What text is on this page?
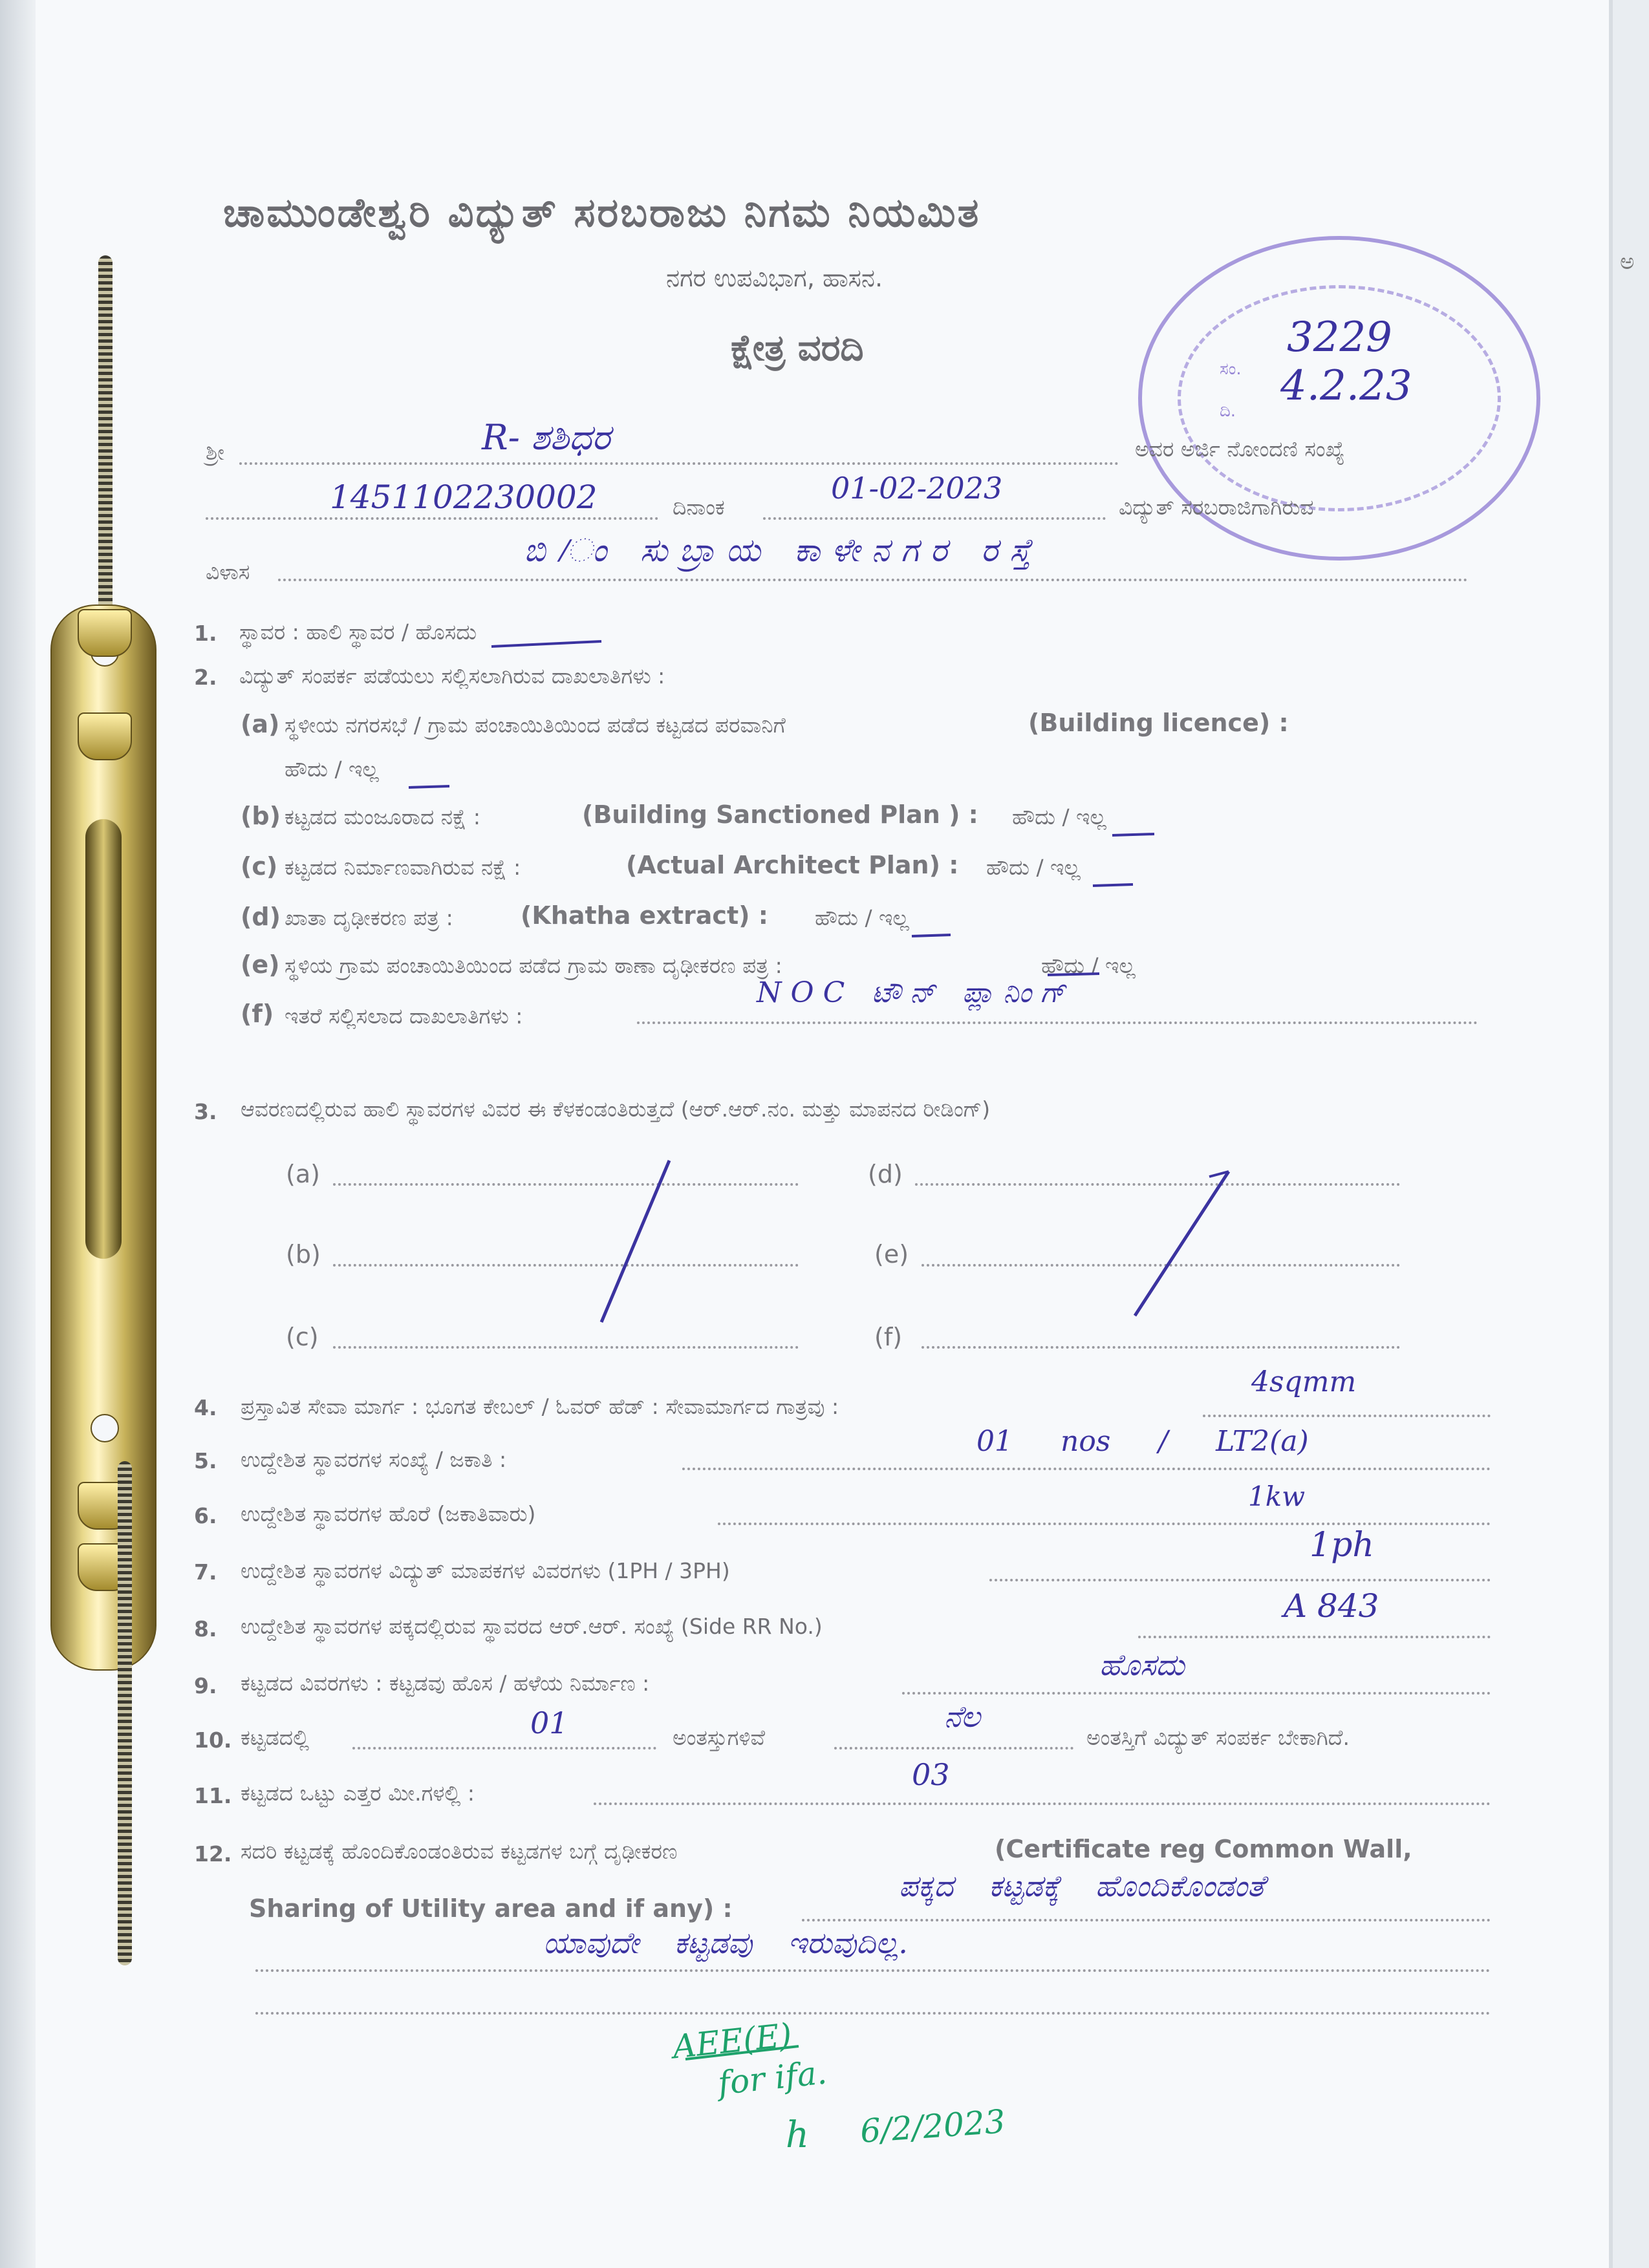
ಅ
ಚಾಮುಂಡೇಶ್ವರಿ ವಿದ್ಯುತ್ ಸರಬರಾಜು ನಿಗಮ ನಿಯಮಿತ
ನಗರ ಉಪವಿಭಾಗ, ಹಾಸನ.
ಕ್ಷೇತ್ರ ವರದಿ	ಸಂ.
ದಿ.
3229
4.2.23
ಶ್ರೀ	R- ಶಶಿಧರ	ಅವರ ಅರ್ಜಿ ನೋಂದಣಿ ಸಂಖ್ಯೆ
1451102230002	ದಿನಾಂಕ
01-02-2023
ವಿದ್ಯುತ್ ಸರಬರಾಜಿಗಾಗಿರುವ
ವಿಳಾಸ
ಬಿ/ಂ ಸುಬ್ರಾಯ ಕಾಳೇನಗರ ರಸ್ತೆ
1. ಸ್ಥಾವರ : ಹಾಲಿ ಸ್ಥಾವರ / ಹೊಸದು
2. ವಿದ್ಯುತ್ ಸಂಪರ್ಕ ಪಡೆಯಲು ಸಲ್ಲಿಸಲಾಗಿರುವ ದಾಖಲಾತಿಗಳು :
(a) ಸ್ಥಳೀಯ ನಗರಸಭೆ / ಗ್ರಾಮ ಪಂಚಾಯಿತಿಯಿಂದ ಪಡೆದ ಕಟ್ಟಡದ ಪರವಾನಿಗೆ	(Building licence) :
ಹೌದು / ಇಲ್ಲ
(b) ಕಟ್ಟಡದ ಮಂಜೂರಾದ ನಕ್ಷೆ :	(Building Sanctioned Plan ) : ಹೌದು / ಇಲ್ಲ
(c) ಕಟ್ಟಡದ ನಿರ್ಮಾಣವಾಗಿರುವ ನಕ್ಷೆ :	(Actual Architect Plan) : ಹೌದು / ಇಲ್ಲ
(d) ಖಾತಾ ದೃಢೀಕರಣ ಪತ್ರ :	(Khatha extract) : ಹೌದು / ಇಲ್ಲ
(e) ಸ್ಥಳಿಯ ಗ್ರಾಮ ಪಂಚಾಯಿತಿಯಿಂದ ಪಡೆದ ಗ್ರಾಮ ಠಾಣಾ ದೃಢೀಕರಣ ಪತ್ರ :	ಹೌದು / ಇಲ್ಲ
(f) ಇತರೆ ಸಲ್ಲಿಸಲಾದ ದಾಖಲಾತಿಗಳು :
NOC ಟೌನ್ ಪ್ಲಾನಿಂಗ್
3. ಆವರಣದಲ್ಲಿರುವ ಹಾಲಿ ಸ್ಥಾವರಗಳ ವಿವರ ಈ ಕೆಳಕಂಡಂತಿರುತ್ತದೆ (ಆರ್.ಆರ್.ನಂ. ಮತ್ತು ಮಾಪನದ ರೀಡಿಂಗ್)
(a)	(d)
(b)	(e)
(c)	(f)
4. ಪ್ರಸ್ತಾವಿತ ಸೇವಾ ಮಾರ್ಗ : ಭೂಗತ ಕೇಬಲ್ / ಓವರ್ ಹೆಡ್ : ಸೇವಾಮಾರ್ಗದ ಗಾತ್ರವು :
4sqmm
5. ಉದ್ದೇಶಿತ ಸ್ಥಾವರಗಳ ಸಂಖ್ಯೆ / ಜಕಾತಿ :
01 nos / LT2(a)
6. ಉದ್ದೇಶಿತ ಸ್ಥಾವರಗಳ ಹೊರೆ (ಜಕಾತಿವಾರು)
1kw
7. ಉದ್ದೇಶಿತ ಸ್ಥಾವರಗಳ ವಿದ್ಯುತ್ ಮಾಪಕಗಳ ವಿವರಗಳು (1PH / 3PH)
1ph
8. ಉದ್ದೇಶಿತ ಸ್ಥಾವರಗಳ ಪಕ್ಕದಲ್ಲಿರುವ ಸ್ಥಾವರದ ಆರ್.ಆರ್. ಸಂಖ್ಯೆ (Side RR No.)
A 843
9. ಕಟ್ಟಡದ ವಿವರಗಳು : ಕಟ್ಟಡವು ಹೊಸ / ಹಳೆಯ ನಿರ್ಮಾಣ :
ಹೊಸದು
10. ಕಟ್ಟಡದಲ್ಲಿ	01	ಅಂತಸ್ತುಗಳಿವೆ
ನೆಲ
ಅಂತಸ್ತಿಗೆ ವಿದ್ಯುತ್ ಸಂಪರ್ಕ ಬೇಕಾಗಿದೆ.
11. ಕಟ್ಟಡದ ಒಟ್ಟು ಎತ್ತರ ಮೀ.ಗಳಲ್ಲಿ :
03
12. ಸದರಿ ಕಟ್ಟಡಕ್ಕೆ ಹೊಂದಿಕೊಂಡಂತಿರುವ ಕಟ್ಟಡಗಳ ಬಗ್ಗೆ ದೃಢೀಕರಣ	(Certificate reg Common Wall,
Sharing of Utility area and if any) :
ಪಕ್ಕದ ಕಟ್ಟಡಕ್ಕೆ ಹೊಂದಿಕೊಂಡಂತೆ
ಯಾವುದೇ ಕಟ್ಟಡವು ಇರುವುದಿಲ್ಲ.
AEE(E)
for ifa.
h 6/2/2023
